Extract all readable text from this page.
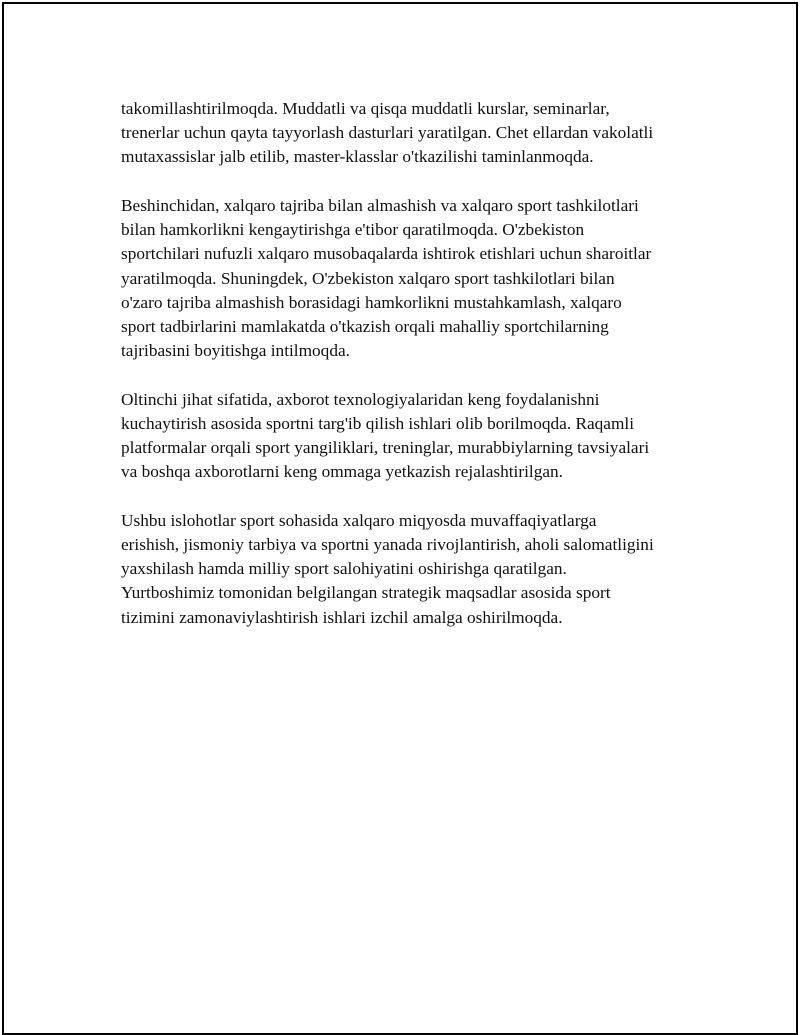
takomillashtirilmoqda. Muddatli va qisqa muddatli kurslar, seminarlar,
trenerlar uchun qayta tayyorlash dasturlari yaratilgan. Chet ellardan vakolatli
mutaxassislar jalb etilib, master-klasslar o'tkazilishi taminlanmoqda.

Beshinchidan, xalqaro tajriba bilan almashish va xalqaro sport tashkilotlari
bilan hamkorlikni kengaytirishga e'tibor qaratilmoqda. O'zbekiston
sportchilari nufuzli xalqaro musobaqalarda ishtirok etishlari uchun sharoitlar
yaratilmoqda. Shuningdek, O'zbekiston xalqaro sport tashkilotlari bilan
o'zaro tajriba almashish borasidagi hamkorlikni mustahkamlash, xalqaro
sport tadbirlarini mamlakatda o'tkazish orqali mahalliy sportchilarning
tajribasini boyitishga intilmoqda.

Oltinchi jihat sifatida, axborot texnologiyalaridan keng foydalanishni
kuchaytirish asosida sportni targ'ib qilish ishlari olib borilmoqda. Raqamli
platformalar orqali sport yangiliklari, treninglar, murabbiylarning tavsiyalari
va boshqa axborotlarni keng ommaga yetkazish rejalashtirilgan.

Ushbu islohotlar sport sohasida xalqaro miqyosda muvaffaqiyatlarga
erishish, jismoniy tarbiya va sportni yanada rivojlantirish, aholi salomatligini
yaxshilash hamda milliy sport salohiyatini oshirishga qaratilgan.
Yurtboshimiz tomonidan belgilangan strategik maqsadlar asosida sport
tizimini zamonaviylashtirish ishlari izchil amalga oshirilmoqda.
